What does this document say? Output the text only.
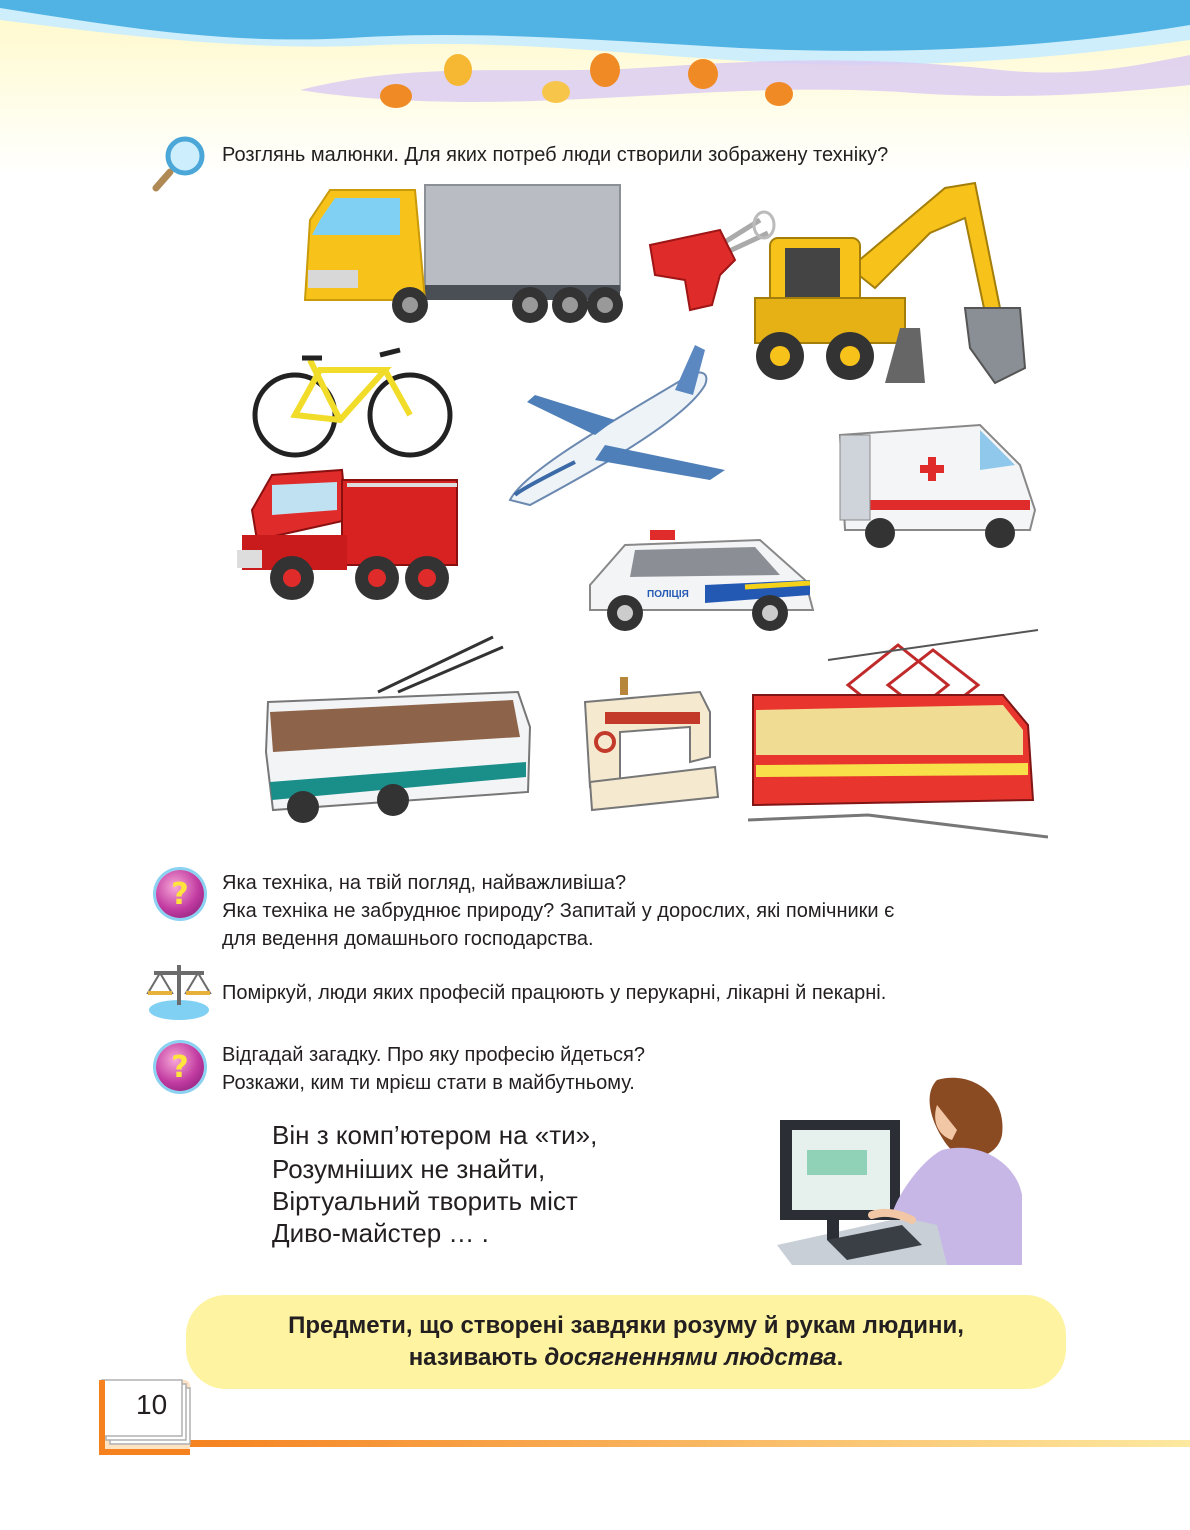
Розглянь малюнки. Для яких потреб люди створили зображену техніку?
ПОЛІЦІЯ
?	Яка техніка, на твій погляд, найважливіша?
Яка техніка не забруднює природу? Запитай у дорослих, які помічники є
для ведення домашнього господарства.
Поміркуй, люди яких професій працюють у перукарні, лікарні й пекарні.
?	Відгадай загадку. Про яку професію йдеться?
Розкажи, ким ти мрієш стати в майбутньому.
Він з комп’ютером на «ти»,
Розумніших не знайти,
Віртуальний творить міст
Диво-майстер … .
Предмети, що створені завдяки розуму й рукам людини,
називають досягненнями людства.
10
